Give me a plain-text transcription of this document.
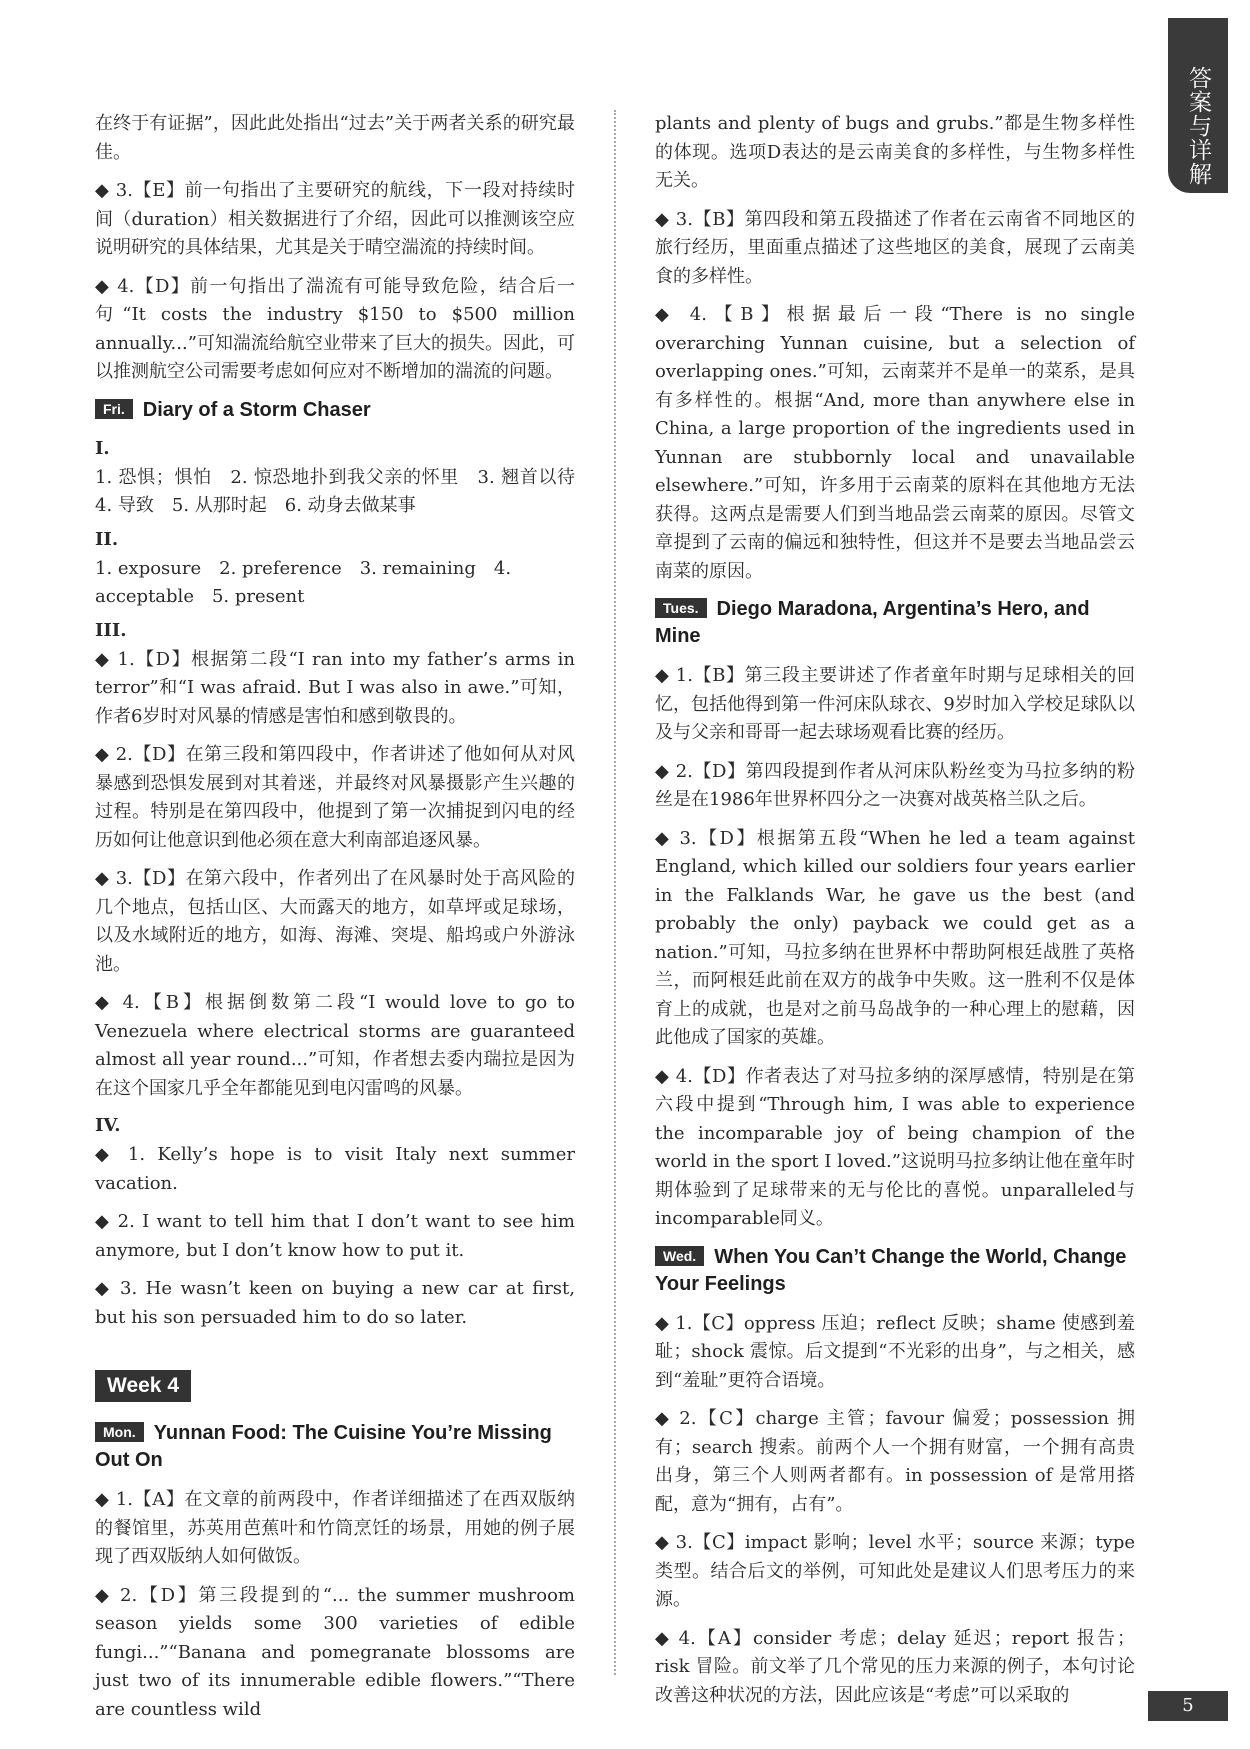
答案与详解

在终于有证据”，因此此处指出“过去”关于两者关系的研究最佳。

◆ 3.【E】前一句指出了主要研究的航线，下一段对持续时间（duration）相关数据进行了介绍，因此可以推测该空应说明研究的具体结果，尤其是关于晴空湍流的持续时间。

◆ 4.【D】前一句指出了湍流有可能导致危险，结合后一句“It costs the industry $150 to $500 million annually...”可知湍流给航空业带来了巨大的损失。因此，可以推测航空公司需要考虑如何应对不断增加的湍流的问题。

Fri. Diary of a Storm Chaser
I.

1. 恐惧；惧怕　2. 惊恐地扑到我父亲的怀里　3. 翘首以待　4. 导致　5. 从那时起　6. 动身去做某事

II.

1. exposure　2. preference　3. remaining　4. acceptable　5. present

III.

◆ 1.【D】根据第二段“I ran into my father’s arms in terror”和“I was afraid. But I was also in awe.”可知，作者6岁时对风暴的情感是害怕和感到敬畏的。

◆ 2.【D】在第三段和第四段中，作者讲述了他如何从对风暴感到恐惧发展到对其着迷，并最终对风暴摄影产生兴趣的过程。特别是在第四段中，他提到了第一次捕捉到闪电的经历如何让他意识到他必须在意大利南部追逐风暴。

◆ 3.【D】在第六段中，作者列出了在风暴时处于高风险的几个地点，包括山区、大而露天的地方，如草坪或足球场，以及水域附近的地方，如海、海滩、突堤、船坞或户外游泳池。

◆ 4.【B】根据倒数第二段“I would love to go to Venezuela where electrical storms are guaranteed almost all year round...”可知，作者想去委内瑞拉是因为在这个国家几乎全年都能见到电闪雷鸣的风暴。

IV.

◆ 1. Kelly’s hope is to visit Italy next summer vacation.

◆ 2. I want to tell him that I don’t want to see him anymore, but I don’t know how to put it.

◆ 3. He wasn’t keen on buying a new car at first, but his son persuaded him to do so later.

Week 4
Mon. Yunnan Food: The Cuisine You’re Missing Out On

◆ 1.【A】在文章的前两段中，作者详细描述了在西双版纳的餐馆里，苏英用芭蕉叶和竹筒烹饪的场景，用她的例子展现了西双版纳人如何做饭。

◆ 2.【D】第三段提到的“... the summer mushroom season yields some 300 varieties of edible fungi...”“Banana and pomegranate blossoms are just two of its innumerable edible flowers.”“There are countless wild

plants and plenty of bugs and grubs.”都是生物多样性的体现。选项D表达的是云南美食的多样性，与生物多样性无关。

◆ 3.【B】第四段和第五段描述了作者在云南省不同地区的旅行经历，里面重点描述了这些地区的美食，展现了云南美食的多样性。

◆ 4.【B】根据最后一段“There is no single overarching Yunnan cuisine, but a selection of overlapping ones.”可知，云南菜并不是单一的菜系，是具有多样性的。根据“And, more than anywhere else in China, a large proportion of the ingredients used in Yunnan are stubbornly local and unavailable elsewhere.”可知，许多用于云南菜的原料在其他地方无法获得。这两点是需要人们到当地品尝云南菜的原因。尽管文章提到了云南的偏远和独特性，但这并不是要去当地品尝云南菜的原因。

Tues. Diego Maradona, Argentina’s Hero, and Mine

◆ 1.【B】第三段主要讲述了作者童年时期与足球相关的回忆，包括他得到第一件河床队球衣、9岁时加入学校足球队以及与父亲和哥哥一起去球场观看比赛的经历。

◆ 2.【D】第四段提到作者从河床队粉丝变为马拉多纳的粉丝是在1986年世界杯四分之一决赛对战英格兰队之后。

◆ 3.【D】根据第五段“When he led a team against England, which killed our soldiers four years earlier in the Falklands War, he gave us the best (and probably the only) payback we could get as a nation.”可知，马拉多纳在世界杯中帮助阿根廷战胜了英格兰，而阿根廷此前在双方的战争中失败。这一胜利不仅是体育上的成就，也是对之前马岛战争的一种心理上的慰藉，因此他成了国家的英雄。

◆ 4.【D】作者表达了对马拉多纳的深厚感情，特别是在第六段中提到“Through him, I was able to experience the incomparable joy of being champion of the world in the sport I loved.”这说明马拉多纳让他在童年时期体验到了足球带来的无与伦比的喜悦。unparalleled与incomparable同义。

Wed. When You Can’t Change the World, Change Your Feelings

◆ 1.【C】oppress 压迫；reflect 反映；shame 使感到羞耻；shock 震惊。后文提到“不光彩的出身”，与之相关，感到“羞耻”更符合语境。

◆ 2.【C】charge 主管；favour 偏爱；possession 拥有；search 搜索。前两个人一个拥有财富，一个拥有高贵出身，第三个人则两者都有。in possession of 是常用搭配，意为“拥有，占有”。

◆ 3.【C】impact 影响；level 水平；source 来源；type 类型。结合后文的举例，可知此处是建议人们思考压力的来源。

◆ 4.【A】consider 考虑；delay 延迟；report 报告；risk 冒险。前文举了几个常见的压力来源的例子，本句讨论改善这种状况的方法，因此应该是“考虑”可以采取的	5
